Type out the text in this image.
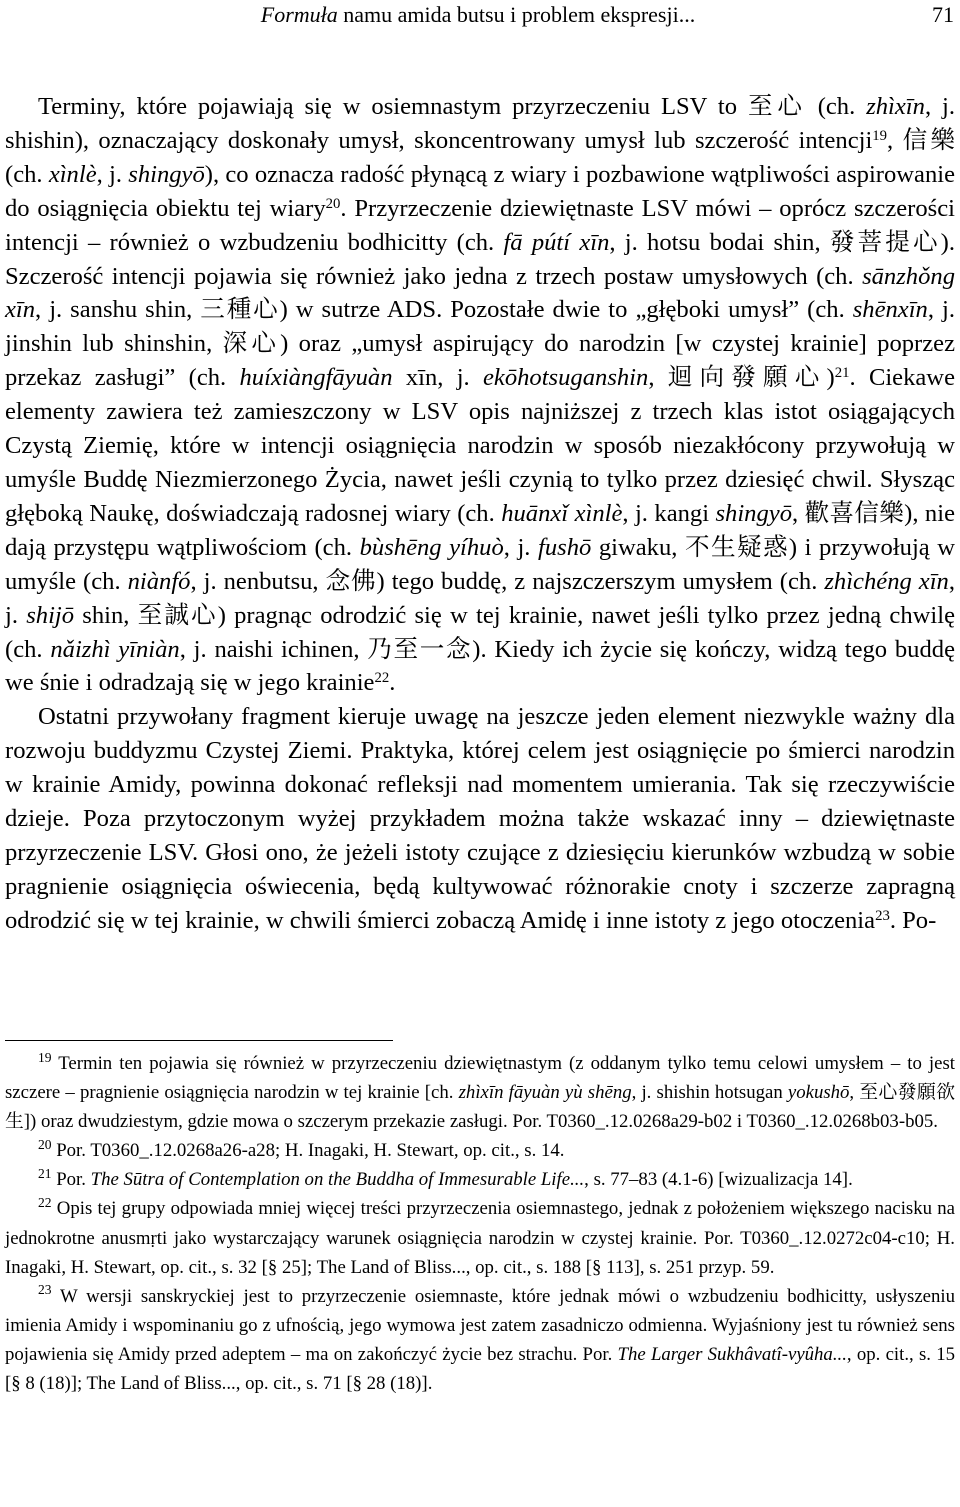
Formuła namu amida butsu i problem ekspresji...	71

Terminy, które pojawiają się w osiemnastym przyrzeczeniu LSV to 至心 (ch. zhìxīn, j. shishin), oznaczający doskonały umysł, skoncentrowany umysł lub szczerość intencji$^{19}$, 信樂 (ch. xìnlè, j. shingyō), co oznacza radość płynącą z wiary i pozbawione wątpliwości aspirowanie do osiągnięcia obiektu tej wiary$^{20}$. Przyrzeczenie dziewiętnaste LSV mówi – oprócz szczerości intencji – również o wzbudzeniu bodhicitty (ch. fā pútí xīn, j. hotsu bodai shin, 發菩提心). Szczerość intencji pojawia się również jako jedna z trzech postaw umysłowych (ch. sānzhǒng xīn, j. sanshu shin, 三種心) w sutrze ADS. Pozostałe dwie to „głęboki umysł” (ch. shēnxīn, j. jinshin lub shinshin, 深心) oraz „umysł aspirujący do narodzin [w czystej krainie] poprzez przekaz zasługi” (ch. huíxiàngfāyuàn xīn, j. ekōhotsuganshin, 迴向發願心)$^{21}$. Ciekawe elementy zawiera też zamieszczony w LSV opis najniższej z trzech klas istot osiągających Czystą Ziemię, które w intencji osiągnięcia narodzin w sposób niezakłócony przywołują w umyśle Buddę Niezmierzonego Życia, nawet jeśli czynią to tylko przez dziesięć chwil. Słysząc głęboką Naukę, doświadczają radosnej wiary (ch. huānxǐ xìnlè, j. kangi shingyō, 歡喜信樂), nie dają przystępu wątpliwościom (ch. bùshēng yíhuò, j. fushō giwaku, 不生疑惑) i przywołują w umyśle (ch. niànfó, j. nenbutsu, 念佛) tego buddę, z najszczerszym umysłem (ch. zhìchéng xīn, j. shijō shin, 至誠心) pragnąc odrodzić się w tej krainie, nawet jeśli tylko przez jedną chwilę (ch. nǎizhì yīniàn, j. naishi ichinen, 乃至一念). Kiedy ich życie się kończy, widzą tego buddę we śnie i odradzają się w jego krainie$^{22}$.

Ostatni przywołany fragment kieruje uwagę na jeszcze jeden element niezwykle ważny dla rozwoju buddyzmu Czystej Ziemi. Praktyka, której celem jest osiągnięcie po śmierci narodzin w krainie Amidy, powinna dokonać refleksji nad momentem umierania. Tak się rzeczywiście dzieje. Poza przytoczonym wyżej przykładem można także wskazać inny – dziewiętnaste przyrzeczenie LSV. Głosi ono, że jeżeli istoty czujące z dziesięciu kierunków wzbudzą w sobie pragnienie osiągnięcia oświecenia, będą kultywować różnorakie cnoty i szczerze zapragną odrodzić się w tej krainie, w chwili śmierci zobaczą Amidę i inne istoty z jego otoczenia$^{23}$. Po-

$^{19}$ Termin ten pojawia się również w przyrzeczeniu dziewiętnastym (z oddanym tylko temu celowi umysłem – to jest szczere – pragnienie osiągnięcia narodzin w tej krainie [ch. zhìxīn fāyuàn yù shēng, j. shishin hotsugan yokushō, 至心發願欲生]) oraz dwudziestym, gdzie mowa o szczerym przekazie zasługi. Por. T0360_.12.0268a29-b02 i T0360_.12.0268b03-b05.

$^{20}$ Por. T0360_.12.0268a26-a28; H. Inagaki, H. Stewart, op. cit., s. 14.

$^{21}$ Por. The Sūtra of Contemplation on the Buddha of Immesurable Life..., s. 77–83 (4.1-6) [wizualizacja 14].

$^{22}$ Opis tej grupy odpowiada mniej więcej treści przyrzeczenia osiemnastego, jednak z położeniem większego nacisku na jednokrotne anusmṛti jako wystarczający warunek osiągnięcia narodzin w czystej krainie. Por. T0360_.12.0272c04-c10; H. Inagaki, H. Stewart, op. cit., s. 32 [§ 25]; The Land of Bliss..., op. cit., s. 188 [§ 113], s. 251 przyp. 59.

$^{23}$ W wersji sanskryckiej jest to przyrzeczenie osiemnaste, które jednak mówi o wzbudzeniu bodhicitty, usłyszeniu imienia Amidy i wspominaniu go z ufnością, jego wymowa jest zatem zasadniczo odmienna. Wyjaśniony jest tu również sens pojawienia się Amidy przed adeptem – ma on zakończyć życie bez strachu. Por. The Larger Sukhâvatî-vyûha..., op. cit., s. 15 [§ 8 (18)]; The Land of Bliss..., op. cit., s. 71 [§ 28 (18)].
